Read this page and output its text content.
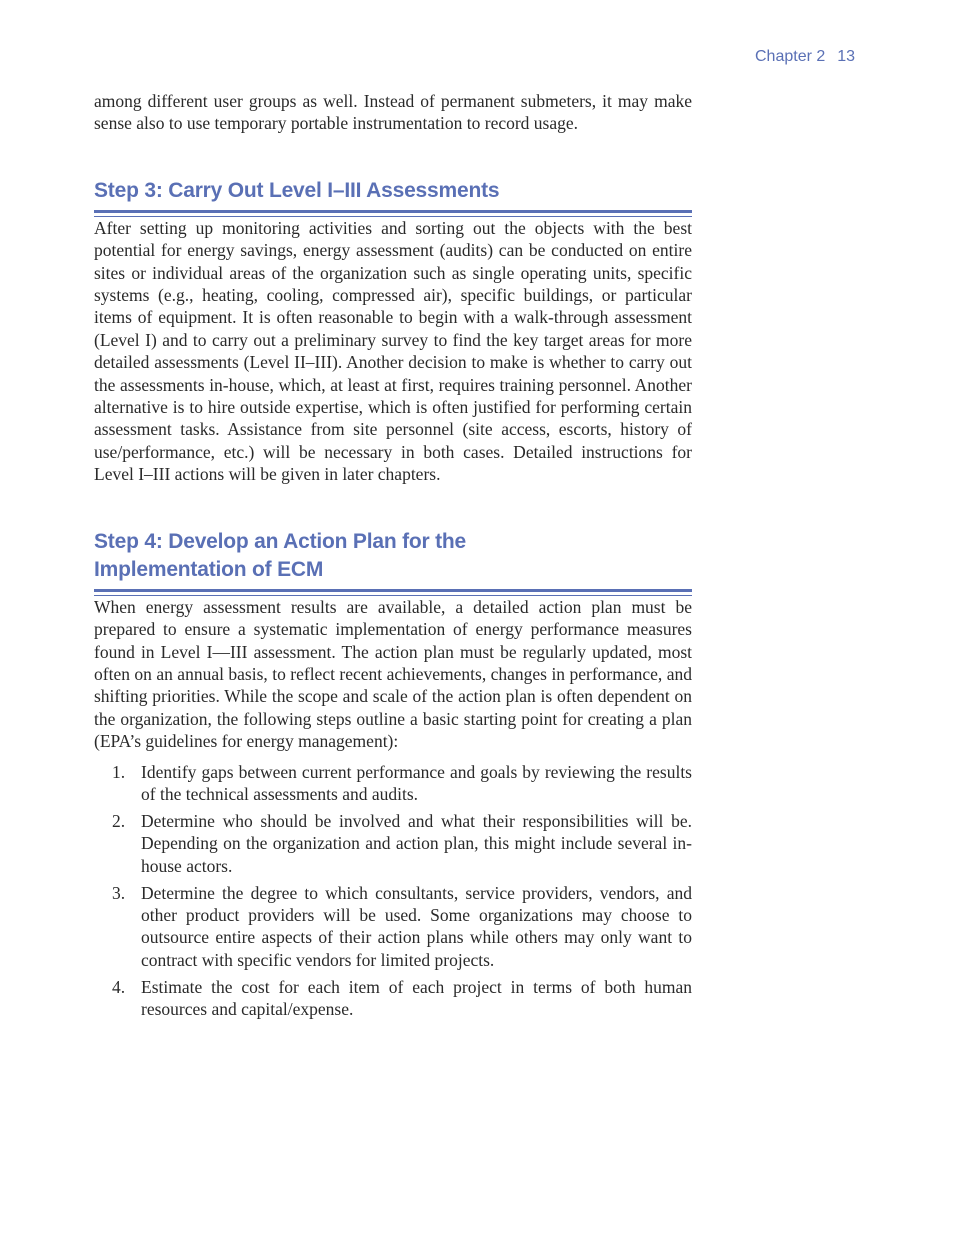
Chapter 2 13

among different user groups as well. Instead of permanent submeters, it may make sense also to use temporary portable instrumentation to record usage.

Step 3: Carry Out Level I–III Assessments

After setting up monitoring activities and sorting out the objects with the best potential for energy savings, energy assessment (audits) can be conducted on entire sites or individual areas of the organization such as single operating units, specific systems (e.g., heating, cooling, compressed air), specific buildings, or particular items of equipment. It is often reasonable to begin with a walk-through assessment (Level I) and to carry out a preliminary survey to find the key target areas for more detailed assessments (Level II–III). Another decision to make is whether to carry out the assessments in-house, which, at least at first, requires training personnel. Another alternative is to hire outside expertise, which is often justified for performing certain assessment tasks. Assistance from site personnel (site access, escorts, history of use/performance, etc.) will be necessary in both cases. Detailed instructions for Level I–III actions will be given in later chapters.

Step 4: Develop an Action Plan for the
Implementation of ECM

When energy assessment results are available, a detailed action plan must be prepared to ensure a systematic implementation of energy performance measures found in Level I—III assessment. The action plan must be regularly updated, most often on an annual basis, to reflect recent achievements, changes in performance, and shifting priorities. While the scope and scale of the action plan is often dependent on the organization, the following steps outline a basic starting point for creating a plan (EPA’s guidelines for energy management):

1. Identify gaps between current performance and goals by reviewing the results of the technical assessments and audits.
2. Determine who should be involved and what their responsibilities will be. Depending on the organization and action plan, this might include several in-house actors.
3. Determine the degree to which consultants, service providers, vendors, and other product providers will be used. Some organizations may choose to outsource entire aspects of their action plans while others may only want to contract with specific vendors for limited projects.
4. Estimate the cost for each item of each project in terms of both human resources and capital/expense.
